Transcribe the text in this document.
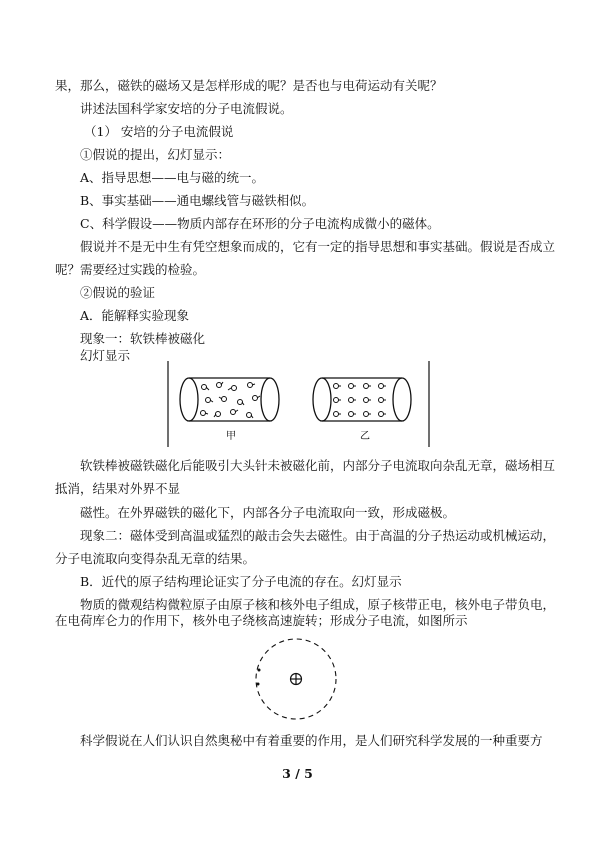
果，那么，磁铁的磁场又是怎样形成的呢？是否也与电荷运动有关呢？
讲述法国科学家安培的分子电流假说。
（1） 安培的分子电流假说
①假说的提出，幻灯显示：
A、指导思想——电与磁的统一。
B、事实基础——通电螺线管与磁铁相似。
C、科学假设——物质内部存在环形的分子电流构成微小的磁体。
假说并不是无中生有凭空想象而成的，它有一定的指导思想和事实基础。假说是否成立
呢？需要经过实践的检验。
②假说的验证
A．能解释实验现象
现象一：软铁棒被磁化
幻灯显示
甲	乙
软铁棒被磁铁磁化后能吸引大头针未被磁化前，内部分子电流取向杂乱无章，磁场相互
抵消，结果对外界不显
磁性。在外界磁铁的磁化下，内部各分子电流取向一致，形成磁极。
现象二：磁体受到高温或猛烈的敲击会失去磁性。由于高温的分子热运动或机械运动，
分子电流取向变得杂乱无章的结果。
B．近代的原子结构理论证实了分子电流的存在。幻灯显示
物质的微观结构微粒原子由原子核和核外电子组成，原子核带正电，核外电子带负电，
在电荷库仑力的作用下，核外电子绕核高速旋转；形成分子电流，如图所示
科学假说在人们认识自然奥秘中有着重要的作用，是人们研究科学发展的一种重要方
3 / 5
